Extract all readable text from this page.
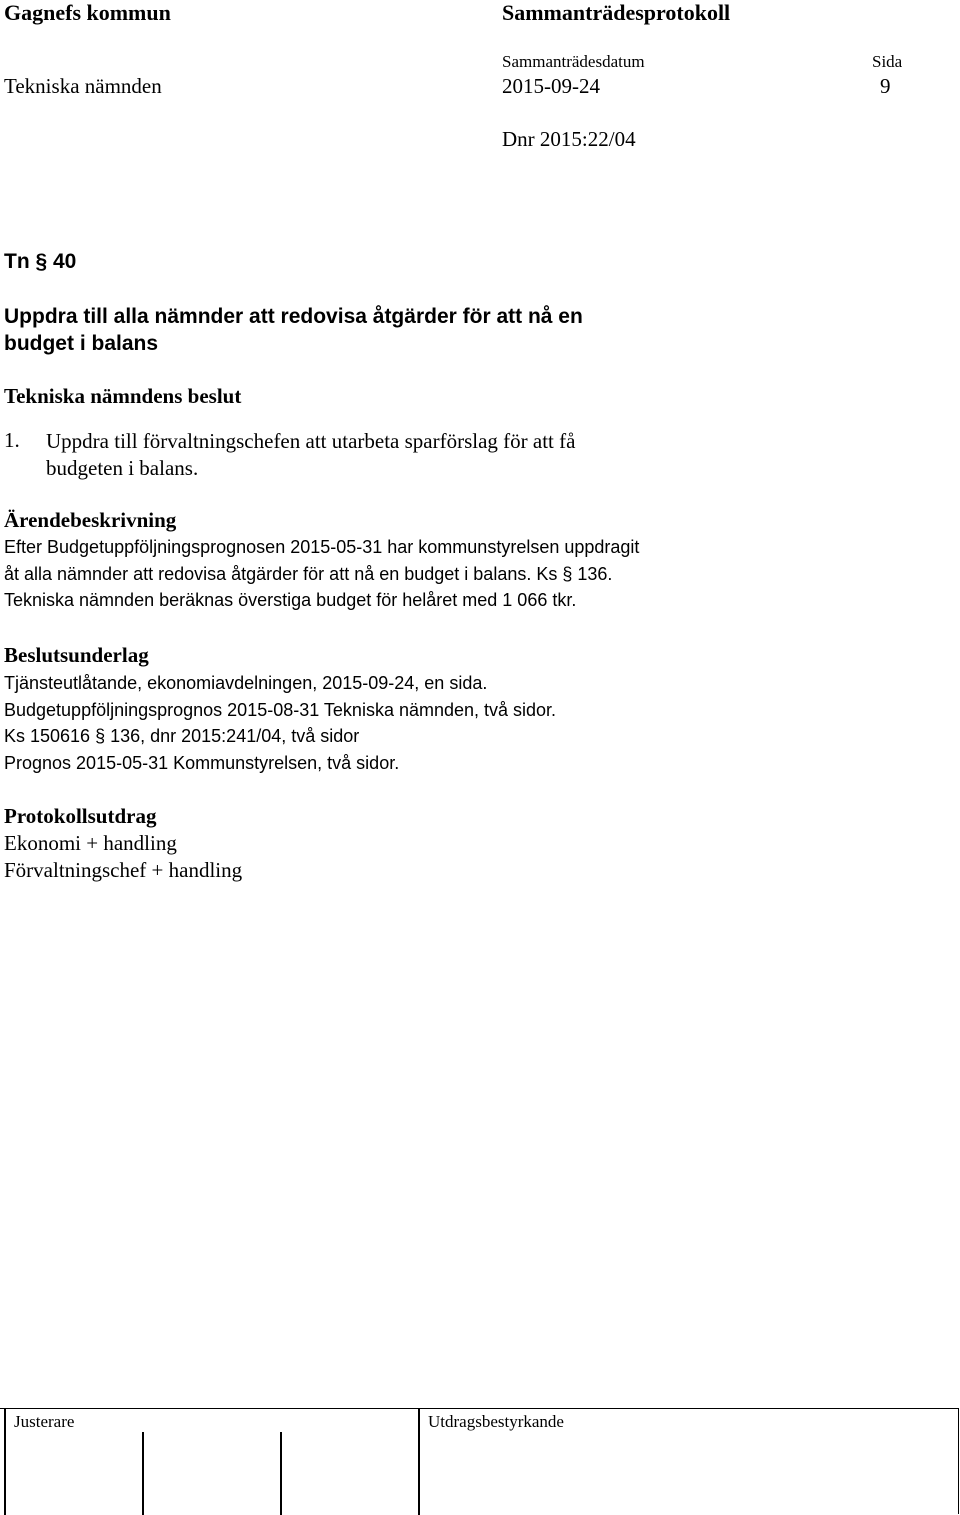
Gagnefs kommun	Sammanträdesprotokoll
Sammanträdesdatum	Sida
Tekniska nämnden	2015-09-24	9
Dnr 2015:22/04
Tn § 40
Uppdra till alla nämnder att redovisa åtgärder för att nå en
budget i balans
Tekniska nämndens beslut
1. Uppdra till förvaltningschefen att utarbeta sparförslag för att få
budgeten i balans.
Ärendebeskrivning
Efter Budgetuppföljningsprognosen 2015-05-31 har kommunstyrelsen uppdragit
åt alla nämnder att redovisa åtgärder för att nå en budget i balans. Ks § 136.
Tekniska nämnden beräknas överstiga budget för helåret med 1 066 tkr.
Beslutsunderlag
Tjänsteutlåtande, ekonomiavdelningen, 2015-09-24, en sida.
Budgetuppföljningsprognos 2015-08-31 Tekniska nämnden, två sidor.
Ks 150616 § 136, dnr 2015:241/04, två sidor
Prognos 2015-05-31 Kommunstyrelsen, två sidor.
Protokollsutdrag
Ekonomi + handling
Förvaltningschef + handling
Justerare	Utdragsbestyrkande
